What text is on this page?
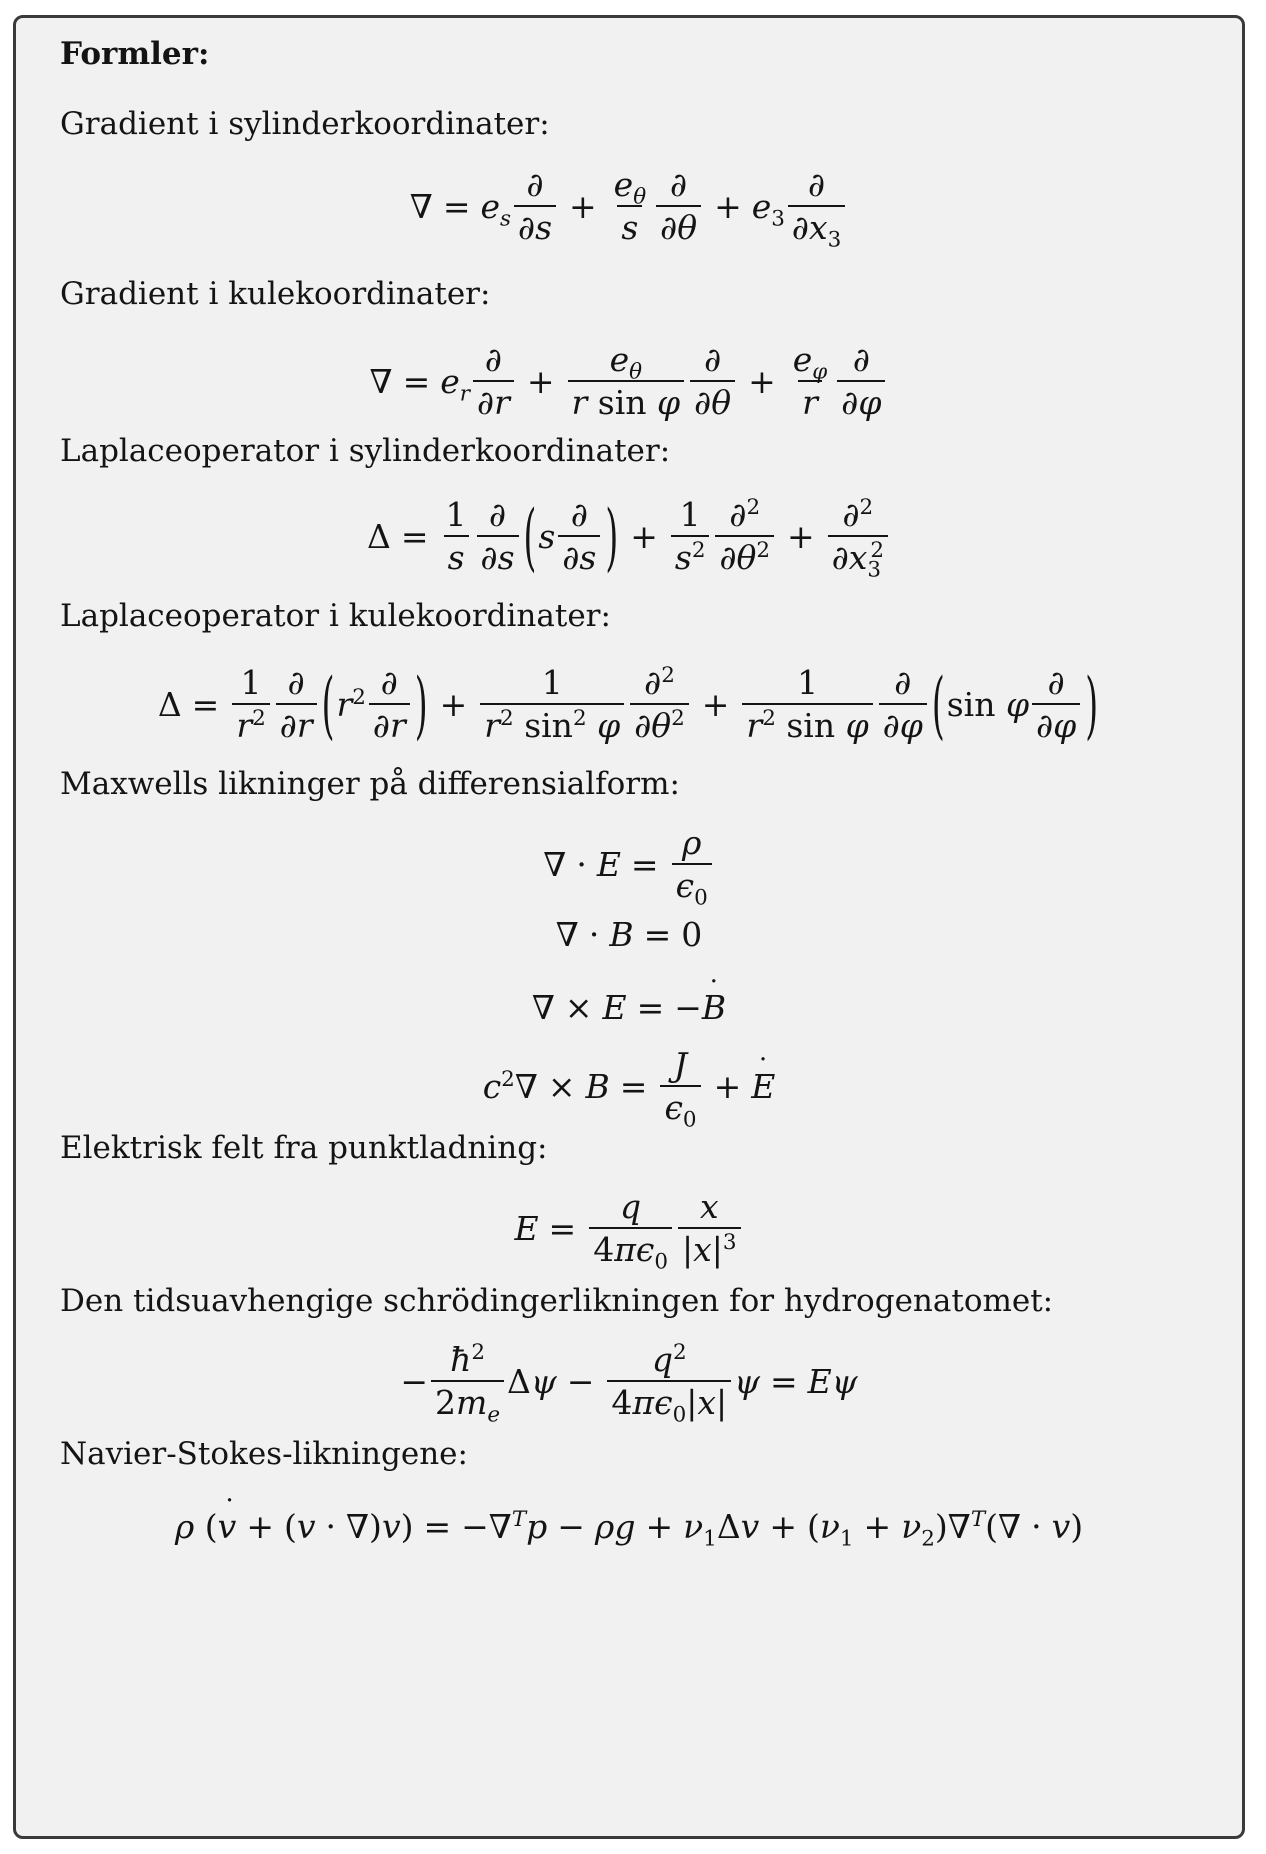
Formler:
Gradient i sylinderkoordinater:
∇ = $e_s \frac{\partial}{\partial s} + \frac{e_\theta}{s} \frac{\partial}{\partial\theta} + e_3 \frac{\partial}{\partial x_3}$
Gradient i kulekoordinater:
∇ = $e_r \frac{\partial}{\partial r} + \frac{e_\theta}{\text{r sin φ}} \frac{\partial}{\partial\theta} + \frac{e_\varphi}{r} \frac{\partial}{\partial\varphi}$
Laplaceoperator i sylinderkoordinater:
$\Delta = \frac{1}{s} \frac{\partial}{\partial s}$ ( s $\frac{\partial}{\partial s}$ ) + $\frac{1}{s^2} \frac{\partial^2}{\partial\theta^2} + \frac{\partial^2}{\partial x_3^2}$
Laplaceoperator i kulekoordinater:
$\Delta = \frac{1}{r^2} \frac{\partial}{\partial r}$ ( $r^2 \frac{\partial}{\partial r}$ ) + $\frac{1}{r^2 \sin^2 \varphi} \frac{\partial^2}{\partial\theta^2} + \frac{1}{r^2 \sin \varphi} \frac{\partial}{\partial\varphi}$ ( sin
φ $\frac{\partial}{\partial\varphi}$ )
Maxwells likninger på differensialform:
∇ · $E = \frac{\rho}{\epsilon_0}$
∇ · B = 0
∇ × E = − B ˙
$c^2$ ∇ × $B = \frac{J}{\epsilon_0} + E$ ˙
Elektrisk felt fra punktladning:
$E = \frac{q}{4\pi\epsilon_0} \frac{x}{|x|^3}$
Den tidsuavhengige schrödingerlikningen for hydrogenatomet:
− $\frac{ħ^2}{2m_e}$ Δ $\psi - \frac{q^2}{4\pi\epsilon_0|x|}$ ψ = Eψ
Navier-Stokes-likningene:
ρ ( v ˙ + ( v · ∇) v ) = −∇$^T$ $p - \rho g + \nu_1$ Δ v + ( $\nu_1 + \nu_2$ )∇$^T$(∇ · v )
